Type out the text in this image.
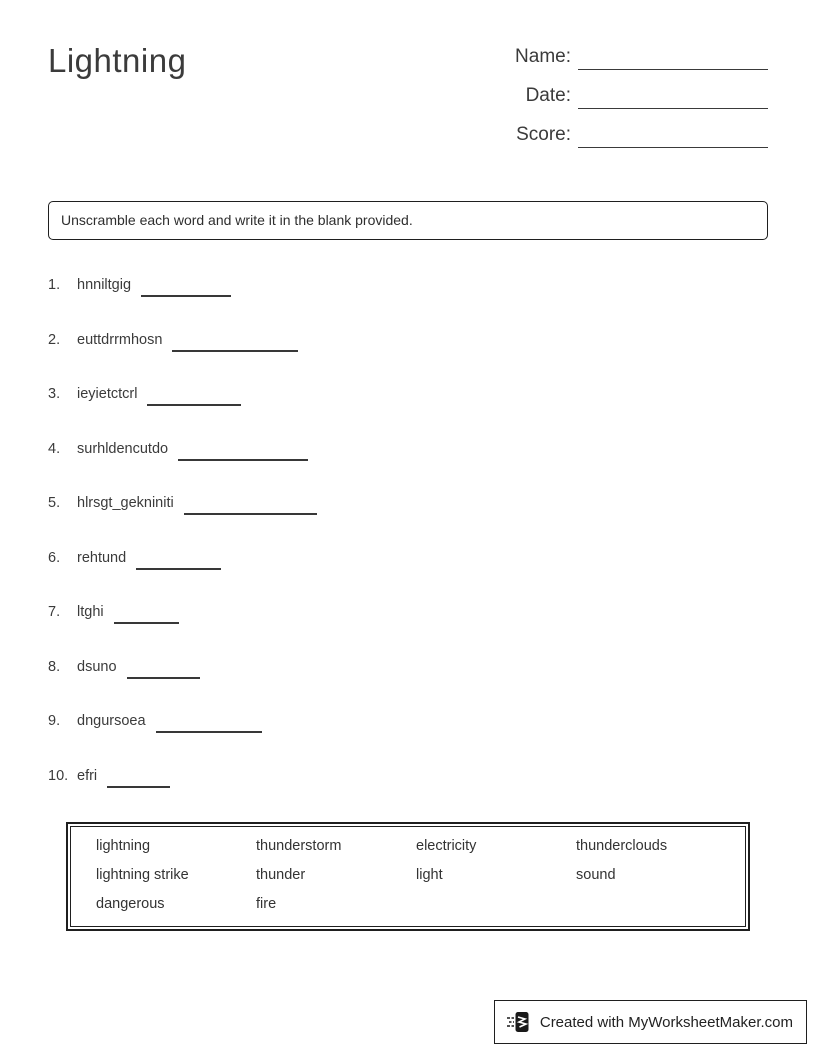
Lightning	Name:
Date:
Score:
Unscramble each word and write it in the blank provided.
1.	hnniltgig
2.	euttdrrmhosn
3.	ieyietctcrl
4.	surhldencutdo
5.	hlrsgt_gekniniti
6.	rehtund
7.	ltghi
8.	dsuno
9.	dngursoea
10. efri
lightning	thunderstorm	electricity	thunderclouds
lightning strike	thunder	light	sound
dangerous	fire
Created with MyWorksheetMaker.com
